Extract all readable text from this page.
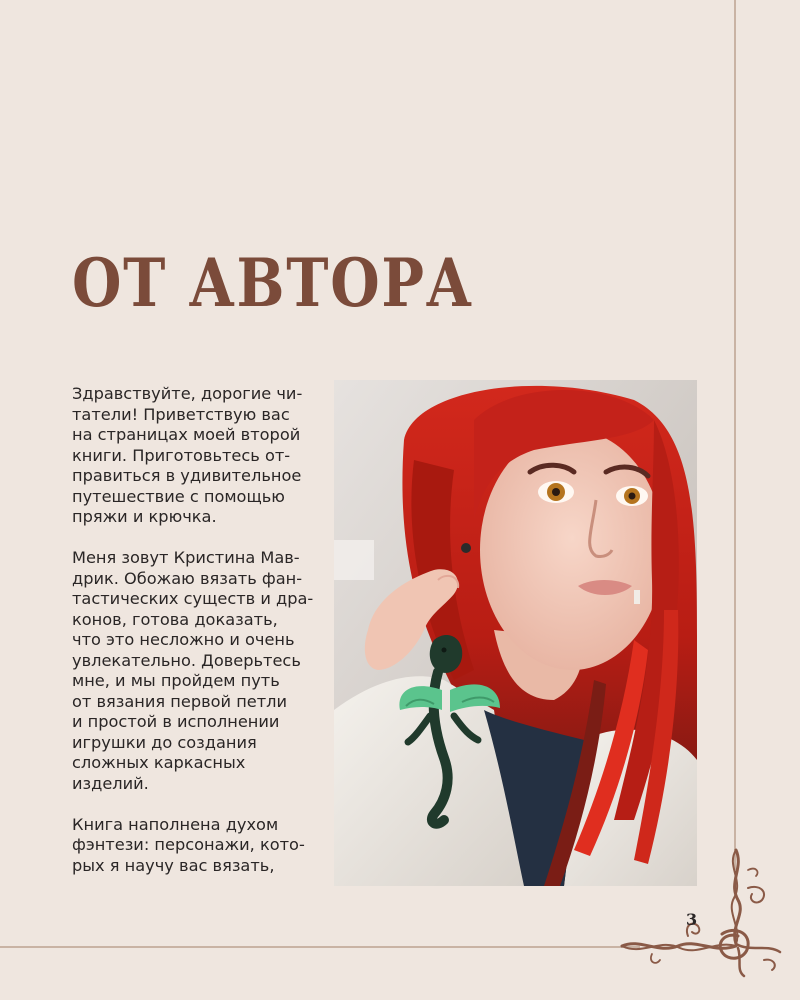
ОТ АВТОРА
Здравствуйте, дорогие чи-
татели! Приветствую вас
на страницах моей второй
книги. Приготовьтесь от-
правиться в удивительное
путешествие с помощью
пряжи и крючка.
Меня зовут Кристина Мав-
дрик. Обожаю вязать фан-
тастических существ и дра-
конов, готова доказать,
что это несложно и очень
увлекательно. Доверьтесь
мне, и мы пройдем путь
от вязания первой петли
и простой в исполнении
игрушки до создания
сложных каркасных
изделий.
Книга наполнена духом
фэнтези: персонажи, кото-
рых я научу вас вязать,
3
